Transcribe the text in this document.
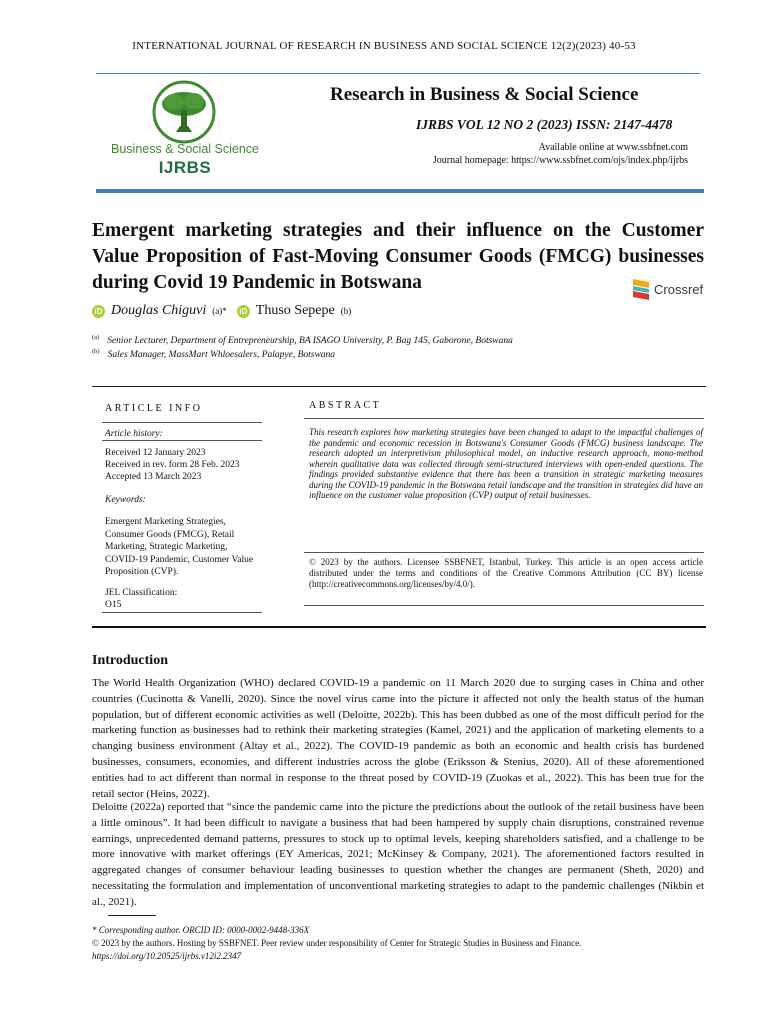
INTERNATIONAL JOURNAL OF RESEARCH IN BUSINESS AND SOCIAL SCIENCE 12(2)(2023) 40-53
Business & Social Science
IJRBS
Research in Business & Social Science
IJRBS VOL 12 NO 2 (2023) ISSN: 2147-4478
Available online at www.ssbfnet.com
Journal homepage: https://www.ssbfnet.com/ojs/index.php/ijrbs
Emergent marketing strategies and their influence on the Customer Value Proposition of Fast-Moving Consumer Goods (FMCG) businesses during Covid 19 Pandemic in Botswana	Crossref
iD Douglas Chiguvi (a)*	iD Thuso Sepepe (b)
$^{(a)}$ Senior Lecturer, Department of Entrepreneurship, BA ISAGO University, P. Bag 145, Gaborone, Botswana
$^{(b)}$ Sales Manager, MassMart Whloesalers, Palapye, Botswana
ARTICLE INFO
Article history:
Received 12 January 2023
Received in rev. form 28 Feb. 2023
Accepted 13 March 2023
Keywords:
Emergent Marketing Strategies, Consumer Goods (FMCG), Retail Marketing, Strategic Marketing, COVID-19 Pandemic, Customer Value Proposition (CVP).
JEL Classification:
O15
ABSTRACT
This research explores how marketing strategies have been changed to adapt to the impactful challenges of the pandemic and economic recession in Botswana's Consumer Goods (FMCG) business landscape. The research adopted an interpretivism philosophical model, an inductive research approach, mono-method wherein qualitative data was collected through semi-structured interviews with open-ended questions. The findings provided substantive evidence that there has been a transition in strategic marketing measures during the COVID-19 pandemic in the Botswana retail landscape and the transition in strategies did have an influence on the customer value proposition (CVP) output of retail businesses.
© 2023 by the authors. Licensee SSBFNET, Istanbul, Turkey. This article is an open access article distributed under the terms and conditions of the Creative Commons Attribution (CC BY) license (http://creativecommons.org/licenses/by/4.0/).
Introduction
The World Health Organization (WHO) declared COVID-19 a pandemic on 11 March 2020 due to surging cases in China and other countries (Cucinotta & Vanelli, 2020). Since the novel virus came into the picture it affected not only the health status of the human population, but of different economic activities as well (Deloitte, 2022b). This has been dubbed as one of the most difficult period for the marketing function as businesses had to rethink their marketing strategies (Kamel, 2021) and the application of marketing elements to a changing business environment (Altay et al., 2022). The COVID-19 pandemic as both an economic and health crisis has burdened businesses, consumers, economies, and different industries across the globe (Eriksson & Stenius, 2020). All of these aforementioned entities had to act different than normal in response to the threat posed by COVID-19 (Zuokas et al., 2022). This has been true for the retail sector (Heins, 2022).
Deloitte (2022a) reported that “since the pandemic came into the picture the predictions about the outlook of the retail business have been a little ominous”. It had been difficult to navigate a business that had been hampered by supply chain disruptions, constrained revenue earnings, unprecedented demand patterns, pressures to stock up to optimal levels, keeping shareholders satisfied, and a challenge to be more innovative with market offerings (EY Americas, 2021; McKinsey & Company, 2021). The aforementioned factors resulted in aggregated changes of consumer behaviour leading businesses to question whether the changes are permanent (Sheth, 2020) and necessitating the formulation and implementation of unconventional marketing strategies to adapt to the pandemic challenges (Nikbin et al., 2021).
* Corresponding author. ORCID ID: 0000-0002-9448-336X
© 2023 by the authors. Hosting by SSBFNET. Peer review under responsibility of Center for Strategic Studies in Business and Finance.
https://doi.org/10.20525/ijrbs.v12i2.2347
